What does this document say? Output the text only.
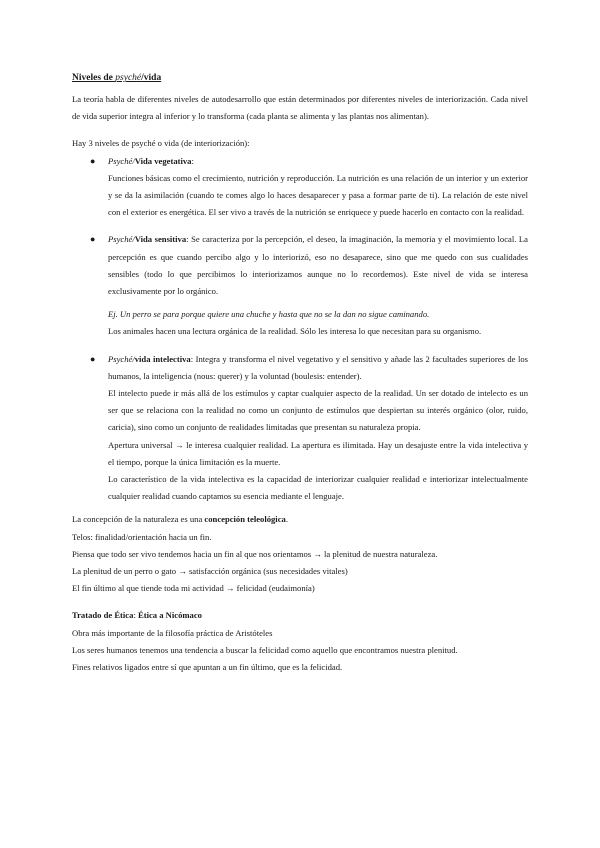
Niveles de psyché/vida

La teoría habla de diferentes niveles de autodesarrollo que están determinados por diferentes niveles de interiorización. Cada nivel de vida superior integra al inferior y lo transforma (cada planta se alimenta y las plantas nos alimentan).

Hay 3 niveles de psyché o vida (de interiorización):

● Psyché/Vida vegetativa:

Funciones básicas como el crecimiento, nutrición y reproducción. La nutrición es una relación de un interior y un exterior y se da la asimilación (cuando te comes algo lo haces desaparecer y pasa a formar parte de ti). La relación de este nivel con el exterior es energética. El ser vivo a través de la nutrición se enriquece y puede hacerlo en contacto con la realidad.

● Psyché/Vida sensitiva: Se caracteriza por la percepción, el deseo, la imaginación, la memoria y el movimiento local. La percepción es que cuando percibo algo y lo interiorizó, eso no desaparece, sino que me quedo con sus cualidades sensibles (todo lo que percibimos lo interiorizamos aunque no lo recordemos). Este nivel de vida se interesa exclusivamente por lo orgánico.

Ej. Un perro se para porque quiere una chuche y hasta que no se la dan no sigue caminando.

Los animales hacen una lectura orgánica de la realidad. Sólo les interesa lo que necesitan para su organismo.

● Psyché/vida intelectiva: Integra y transforma el nivel vegetativo y el sensitivo y añade las 2 facultades superiores de los humanos, la inteligencia (nous: querer) y la voluntad (boulesis: entender).

El intelecto puede ir más allá de los estímulos y captar cualquier aspecto de la realidad. Un ser dotado de intelecto es un ser que se relaciona con la realidad no como un conjunto de estímulos que despiertan su interés orgánico (olor, ruido, caricia), sino como un conjunto de realidades limitadas que presentan su naturaleza propia.

Apertura universal → le interesa cualquier realidad. La apertura es ilimitada. Hay un desajuste entre la vida intelectiva y el tiempo, porque la única limitación es la muerte.

Lo característico de la vida intelectiva es la capacidad de interiorizar cualquier realidad e interiorizar intelectualmente cualquier realidad cuando captamos su esencia mediante el lenguaje.

La concepción de la naturaleza es una concepción teleológica.

Telos: finalidad/orientación hacia un fin.

Piensa que todo ser vivo tendemos hacia un fin al que nos orientamos → la plenitud de nuestra naturaleza.

La plenitud de un perro o gato → satisfacción orgánica (sus necesidades vitales)

El fin último al que tiende toda mi actividad → felicidad (eudaimonía)

Tratado de Ética: Ética a Nicómaco

Obra más importante de la filosofía práctica de Aristóteles

Los seres humanos tenemos una tendencia a buscar la felicidad como aquello que encontramos nuestra plenitud.

Fines relativos ligados entre sí que apuntan a un fin último, que es la felicidad.
